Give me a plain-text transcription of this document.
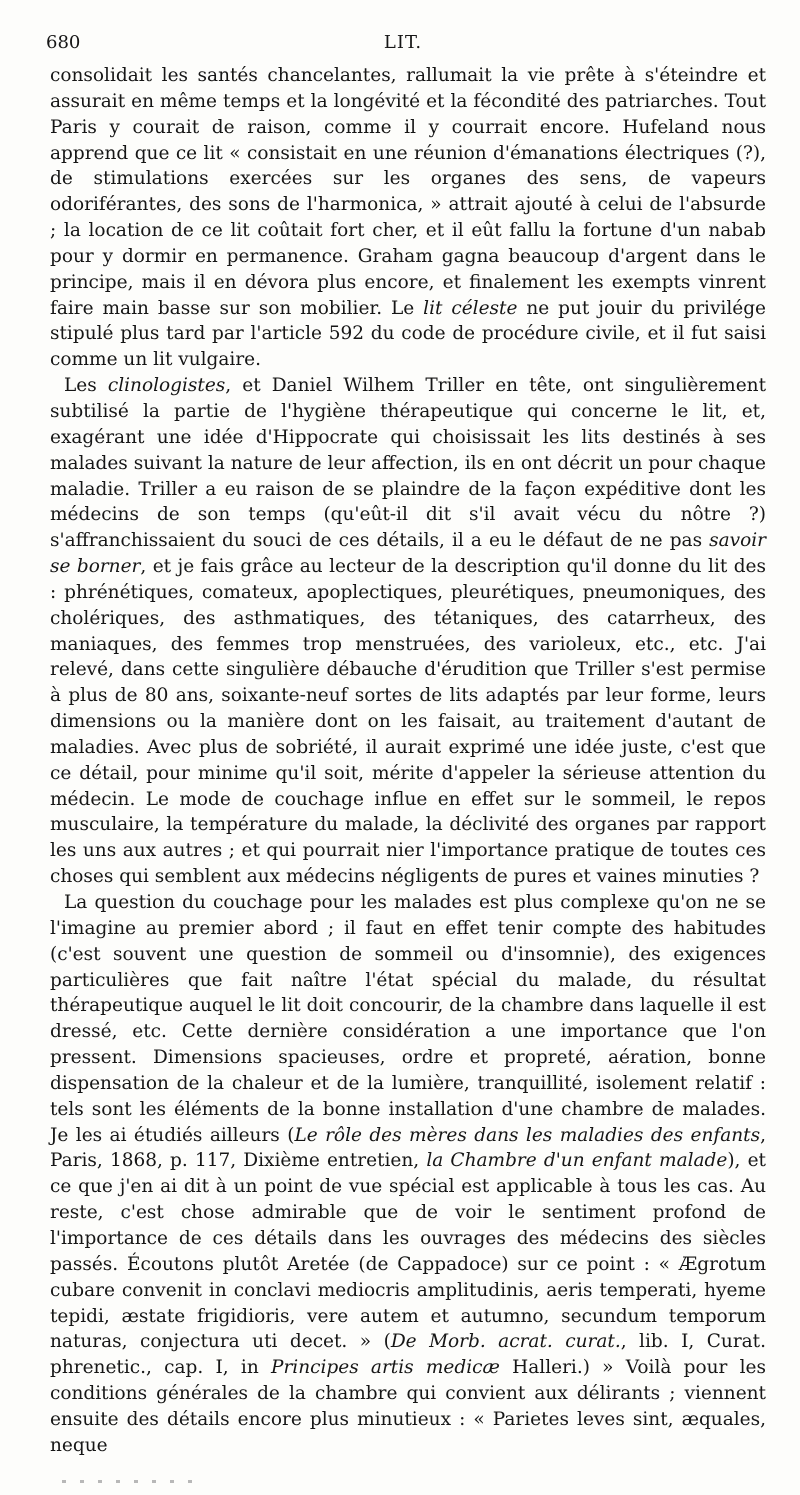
680	LIT.

consolidait les santés chancelantes, rallumait la vie prête à s'éteindre et assurait en même temps et la longévité et la fécondité des patriarches. Tout Paris y courait de raison, comme il y courrait encore. Hufeland nous apprend que ce lit « consistait en une réunion d'émanations électriques (?), de stimulations exercées sur les organes des sens, de vapeurs odoriférantes, des sons de l'harmonica, » attrait ajouté à celui de l'absurde ; la location de ce lit coûtait fort cher, et il eût fallu la fortune d'un nabab pour y dormir en permanence. Graham gagna beaucoup d'argent dans le principe, mais il en dévora plus encore, et finalement les exempts vinrent faire main basse sur son mobilier. Le lit céleste ne put jouir du privilége stipulé plus tard par l'article 592 du code de procédure civile, et il fut saisi comme un lit vulgaire.

Les clinologistes, et Daniel Wilhem Triller en tête, ont singulièrement subtilisé la partie de l'hygiène thérapeutique qui concerne le lit, et, exagérant une idée d'Hippocrate qui choisissait les lits destinés à ses malades suivant la nature de leur affection, ils en ont décrit un pour chaque maladie. Triller a eu raison de se plaindre de la façon expéditive dont les médecins de son temps (qu'eût-il dit s'il avait vécu du nôtre ?) s'affranchissaient du souci de ces détails, il a eu le défaut de ne pas savoir se borner, et je fais grâce au lecteur de la description qu'il donne du lit des : phrénétiques, comateux, apoplectiques, pleurétiques, pneumoniques, des cholériques, des asthmatiques, des tétaniques, des catarrheux, des maniaques, des femmes trop menstruées, des varioleux, etc., etc. J'ai relevé, dans cette singulière débauche d'érudition que Triller s'est permise à plus de 80 ans, soixante-neuf sortes de lits adaptés par leur forme, leurs dimensions ou la manière dont on les faisait, au traitement d'autant de maladies. Avec plus de sobriété, il aurait exprimé une idée juste, c'est que ce détail, pour minime qu'il soit, mérite d'appeler la sérieuse attention du médecin. Le mode de couchage influe en effet sur le sommeil, le repos musculaire, la température du malade, la déclivité des organes par rapport les uns aux autres ; et qui pourrait nier l'importance pratique de toutes ces choses qui semblent aux médecins négligents de pures et vaines minuties ?

La question du couchage pour les malades est plus complexe qu'on ne se l'imagine au premier abord ; il faut en effet tenir compte des habitudes (c'est souvent une question de sommeil ou d'insomnie), des exigences particulières que fait naître l'état spécial du malade, du résultat thérapeutique auquel le lit doit concourir, de la chambre dans laquelle il est dressé, etc. Cette dernière considération a une importance que l'on pressent. Dimensions spacieuses, ordre et propreté, aération, bonne dispensation de la chaleur et de la lumière, tranquillité, isolement relatif : tels sont les éléments de la bonne installation d'une chambre de malades. Je les ai étudiés ailleurs (Le rôle des mères dans les maladies des enfants, Paris, 1868, p. 117, Dixième entretien, la Chambre d'un enfant malade), et ce que j'en ai dit à un point de vue spécial est applicable à tous les cas. Au reste, c'est chose admirable que de voir le sentiment profond de l'importance de ces détails dans les ouvrages des médecins des siècles passés. Écoutons plutôt Aretée (de Cappadoce) sur ce point : « Ægrotum cubare convenit in conclavi mediocris amplitudinis, aeris temperati, hyeme tepidi, æstate frigidioris, vere autem et autumno, secundum temporum naturas, conjectura uti decet. » (De Morb. acrat. curat., lib. I, Curat. phrenetic., cap. I, in Principes artis medicæ Halleri.) » Voilà pour les conditions générales de la chambre qui convient aux délirants ; viennent ensuite des détails encore plus minutieux : « Parietes leves sint, æquales, neque
